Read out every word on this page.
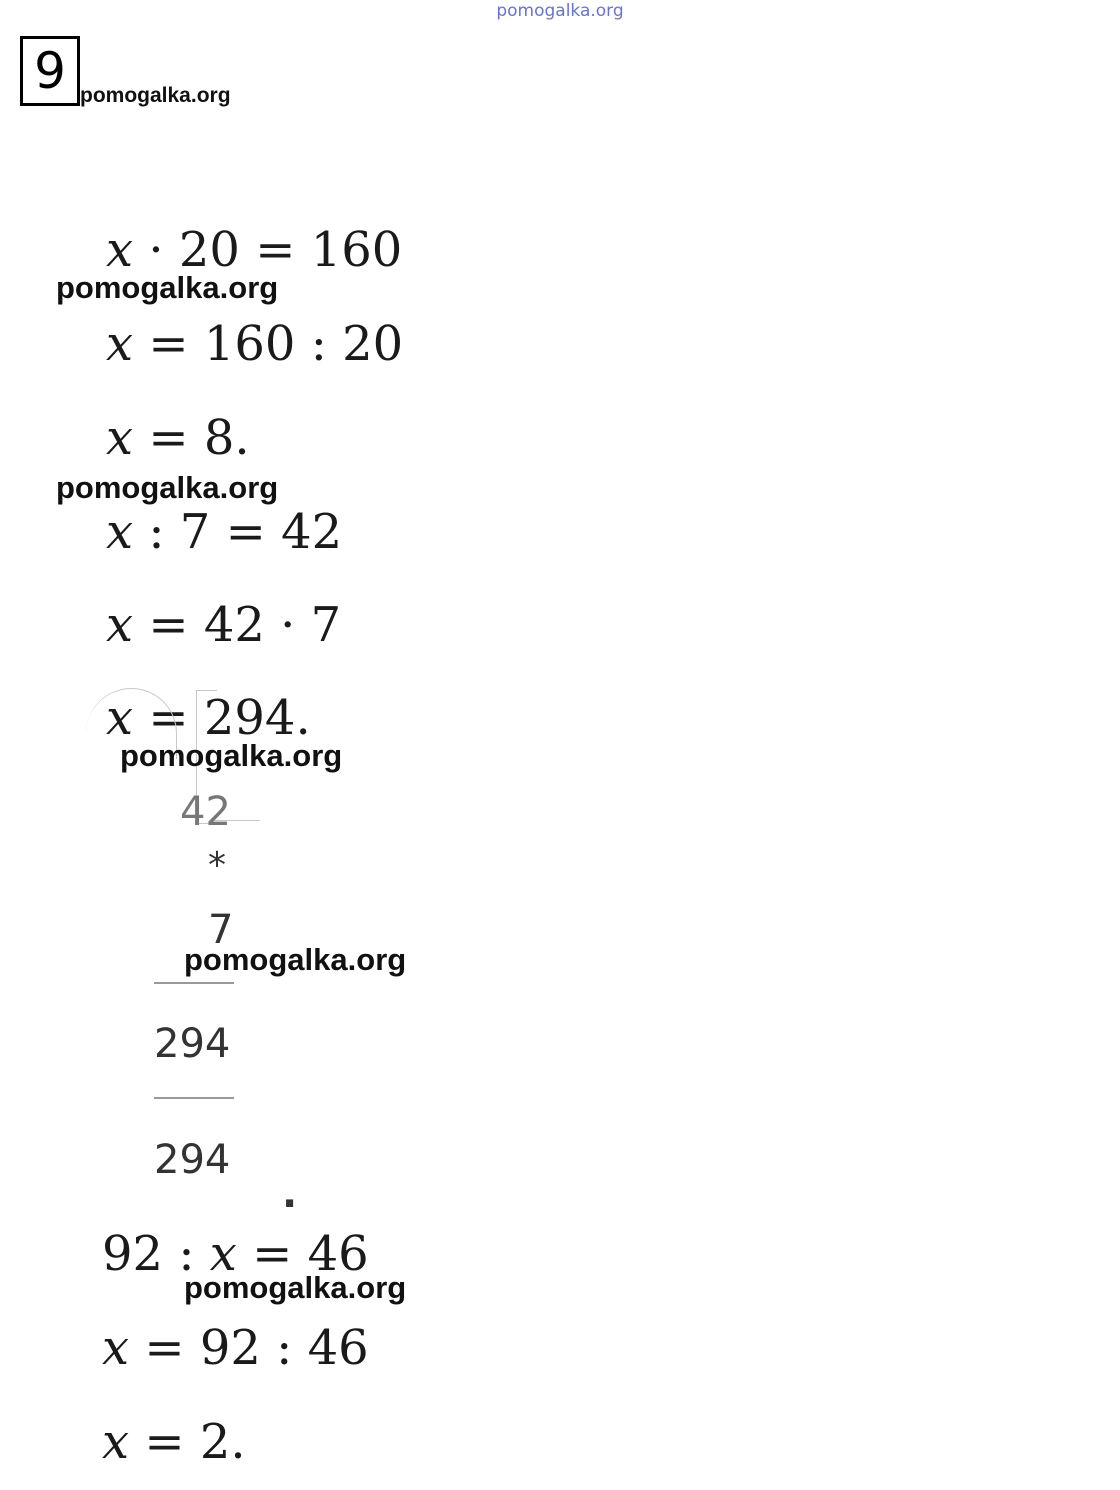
pomogalka.org
9 pomogalka.org
x · 20 = 160
pomogalka.org
x = 160 : 20
x = 8.
pomogalka.org
x : 7 = 42
x = 42 · 7
x = 294.
pomogalka.org
42
*
7
pomogalka.org
294
294
.
92 : x = 46
pomogalka.org
x = 92 : 46
x = 2.
